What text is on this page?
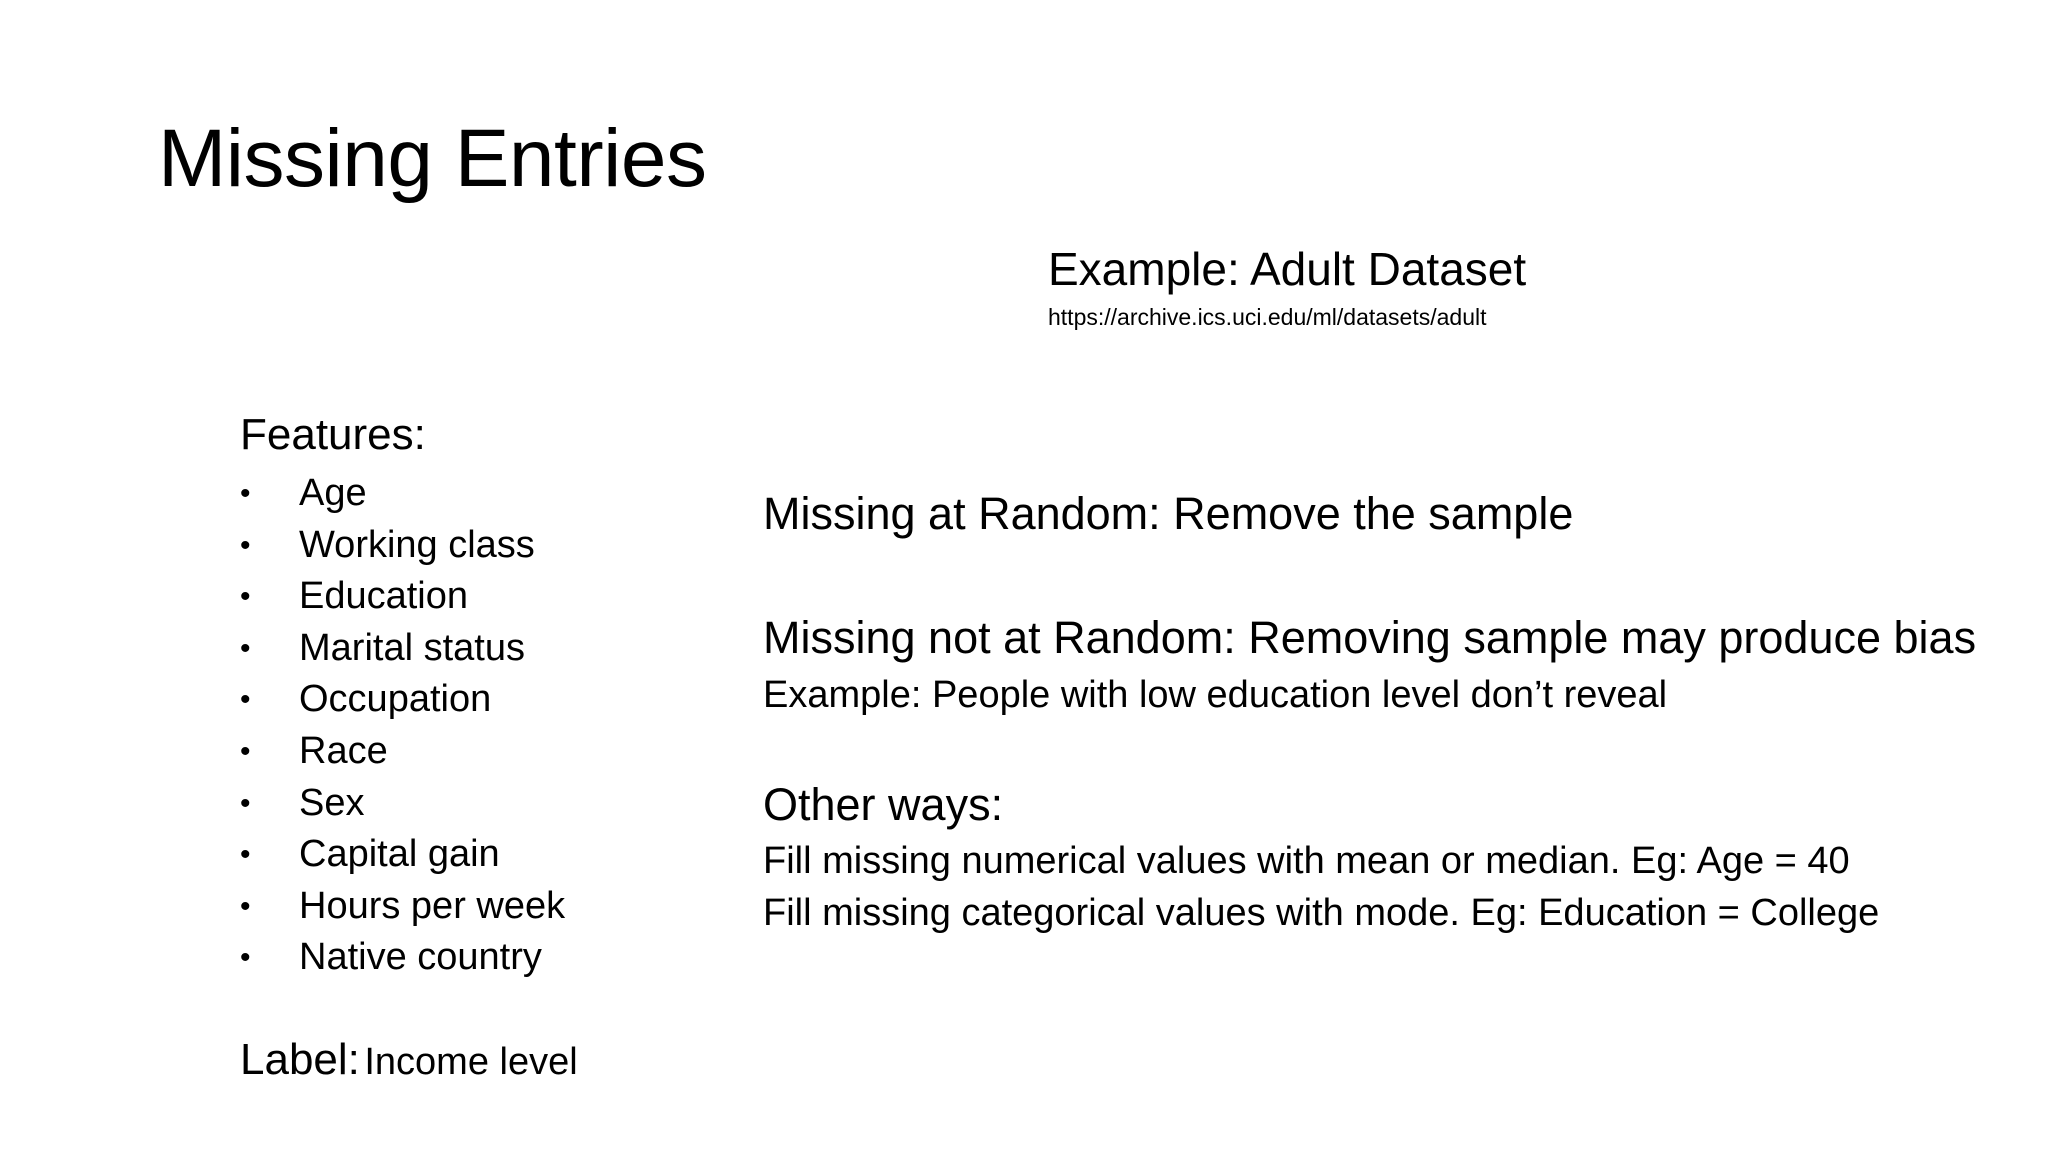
Missing Entries
Example: Adult Dataset
https://archive.ics.uci.edu/ml/datasets/adult
Features:
• Age
• Working class
• Education
• Marital status
• Occupation
• Race
• Sex
• Capital gain
• Hours per week
• Native country
Label: Income level
Missing at Random: Remove the sample
Missing not at Random: Removing sample may produce bias
Example: People with low education level don’t reveal
Other ways:
Fill missing numerical values with mean or median. Eg: Age = 40
Fill missing categorical values with mode. Eg: Education = College
